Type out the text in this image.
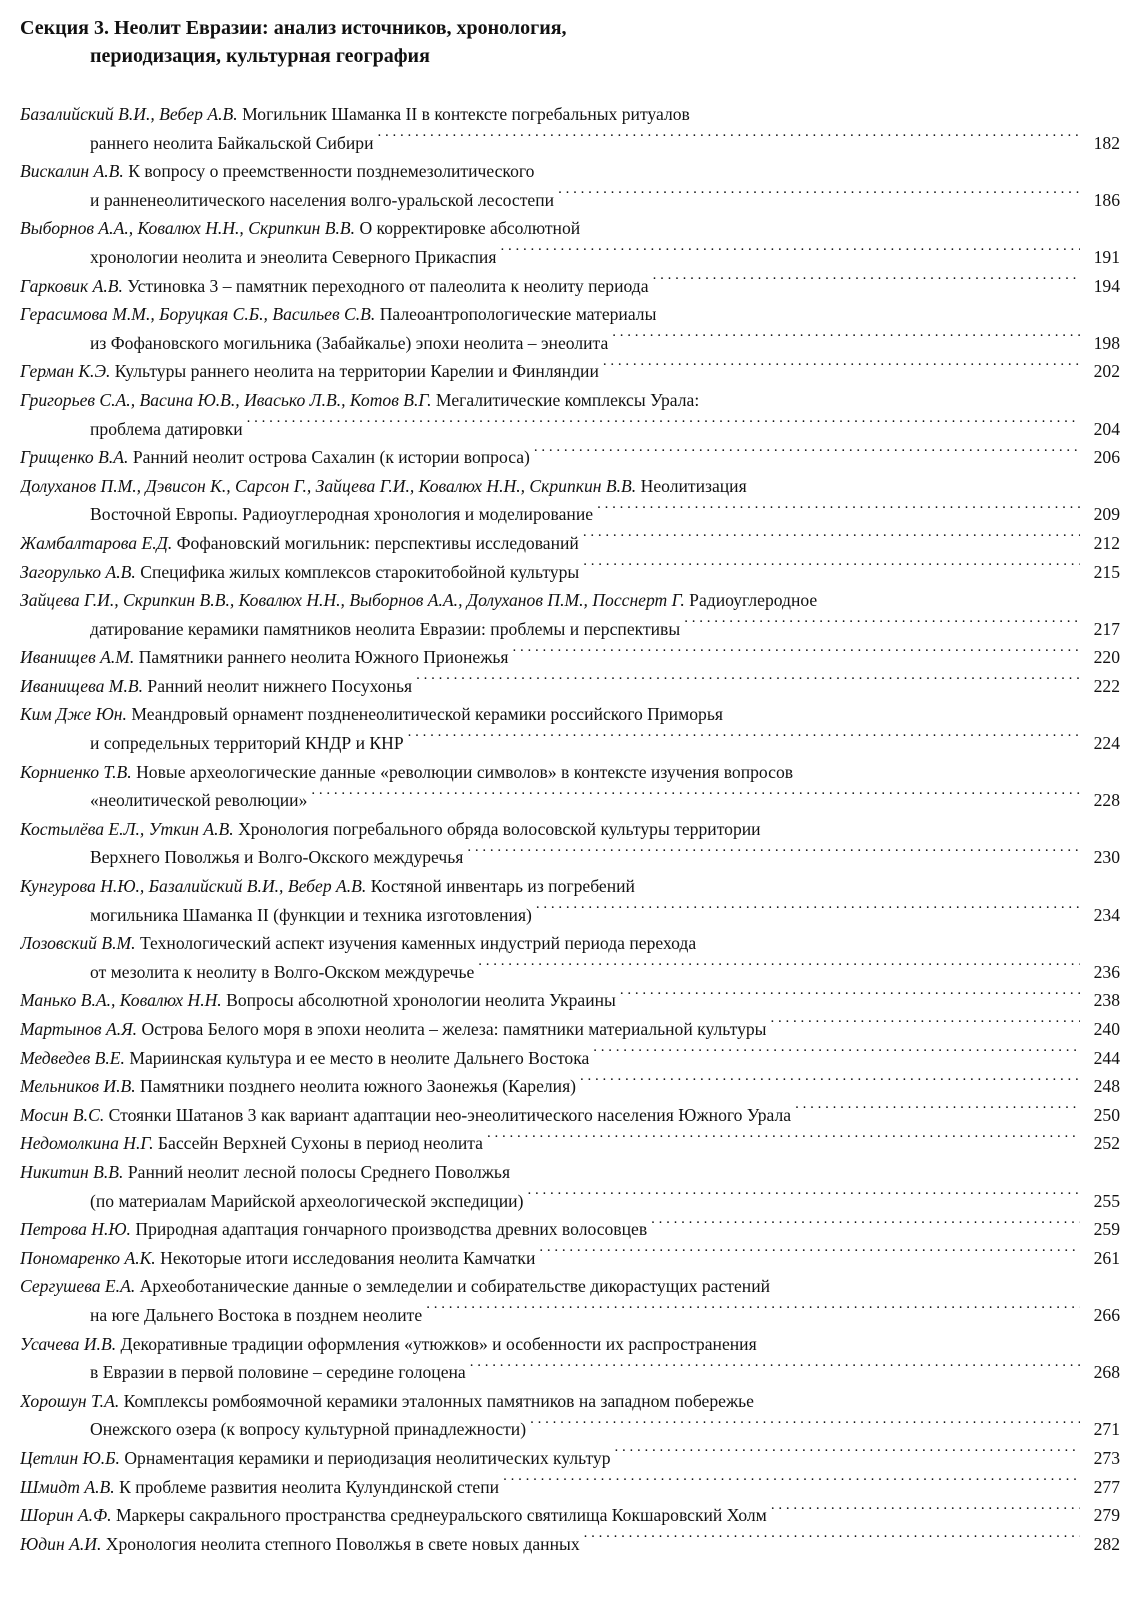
Секция 3. Неолит Евразии: анализ источников, хронология,
периодизация, культурная география
Базалийский В.И., Вебер А.В. Могильник Шаманка II в контексте погребальных ритуалов
раннего неолита Байкальской Сибири . . .	182
Вискалин А.В. К вопросу о преемственности позднемезолитического
и ранненеолитического населения волго-уральской лесостепи . . .	186
Выборнов А.А., Ковалюх Н.Н., Скрипкин В.В. О корректировке абсолютной
хронологии неолита и энеолита Северного Прикаспия . . .	191
Гарковик А.В. Устиновка 3 – памятник переходного от палеолита к неолиту периода . . .	194
Герасимова М.М., Боруцкая С.Б., Васильев С.В. Палеоантропологические материалы
из Фофановского могильника (Забайкалье) эпохи неолита – энеолита . . .	198
Герман К.Э. Культуры раннего неолита на территории Карелии и Финляндии . . .	202
Григорьев С.А., Васина Ю.В., Ивасько Л.В., Котов В.Г. Мегалитические комплексы Урала:
проблема датировки . . .	204
Грищенко В.А. Ранний неолит острова Сахалин (к истории вопроса) . . .	206
Долуханов П.М., Дэвисон К., Сарсон Г., Зайцева Г.И., Ковалюх Н.Н., Скрипкин В.В. Неолитизация
Восточной Европы. Радиоуглеродная хронология и моделирование . . .	209
Жамбалтарова Е.Д. Фофановский могильник: перспективы исследований . . .	212
Загорулько А.В. Специфика жилых комплексов старокитобойной культуры . . .	215
Зайцева Г.И., Скрипкин В.В., Ковалюх Н.Н., Выборнов А.А., Долуханов П.М., Посснерт Г. Радиоуглеродное
датирование керамики памятников неолита Евразии: проблемы и перспективы . . .	217
Иванищев А.М. Памятники раннего неолита Южного Прионежья . . .	220
Иванищева М.В. Ранний неолит нижнего Посухонья . . .	222
Ким Дже Юн. Меандровый орнамент поздненеолитической керамики российского Приморья
и сопредельных территорий КНДР и КНР . . .	224
Корниенко Т.В. Новые археологические данные «революции символов» в контексте изучения вопросов
«неолитической революции» . . .	228
Костылёва Е.Л., Уткин А.В. Хронология погребального обряда волосовской культуры территории
Верхнего Поволжья и Волго-Окского междуречья . . .	230
Кунгурова Н.Ю., Базалийский В.И., Вебер А.В. Костяной инвентарь из погребений
могильника Шаманка II (функции и техника изготовления) . . .	234
Лозовский В.М. Технологический аспект изучения каменных индустрий периода перехода
от мезолита к неолиту в Волго-Окском междуречье . . .	236
Манько В.А., Ковалюх Н.Н. Вопросы абсолютной хронологии неолита Украины . . .	238
Мартынов А.Я. Острова Белого моря в эпохи неолита – железа: памятники материальной культуры . . .	240
Медведев В.Е. Мариинская культура и ее место в неолите Дальнего Востока . . .	244
Мельников И.В. Памятники позднего неолита южного Заонежья (Карелия) . . .	248
Мосин В.С. Стоянки Шатанов 3 как вариант адаптации нео-энеолитического населения Южного Урала . . .	250
Недомолкина Н.Г. Бассейн Верхней Сухоны в период неолита . . .	252
Никитин В.В. Ранний неолит лесной полосы Среднего Поволжья
(по материалам Марийской археологической экспедиции) . . .	255
Петрова Н.Ю. Природная адаптация гончарного производства древних волосовцев . . .	259
Пономаренко А.К. Некоторые итоги исследования неолита Камчатки . . .	261
Сергушева Е.А. Археоботанические данные о земледелии и собирательстве дикорастущих растений
на юге Дальнего Востока в позднем неолите . . .	266
Усачева И.В. Декоративные традиции оформления «утюжков» и особенности их распространения
в Евразии в первой половине – середине голоцена . . .	268
Хорошун Т.А. Комплексы ромбоямочной керамики эталонных памятников на западном побережье
Онежского озера (к вопросу культурной принадлежности) . . .	271
Цетлин Ю.Б. Орнаментация керамики и периодизация неолитических культур . . .	273
Шмидт А.В. К проблеме развития неолита Кулундинской степи . . .	277
Шорин А.Ф. Маркеры сакрального пространства среднеуральского святилища Кокшаровский Холм . . .	279
Юдин А.И. Хронология неолита степного Поволжья в свете новых данных . . .	282
